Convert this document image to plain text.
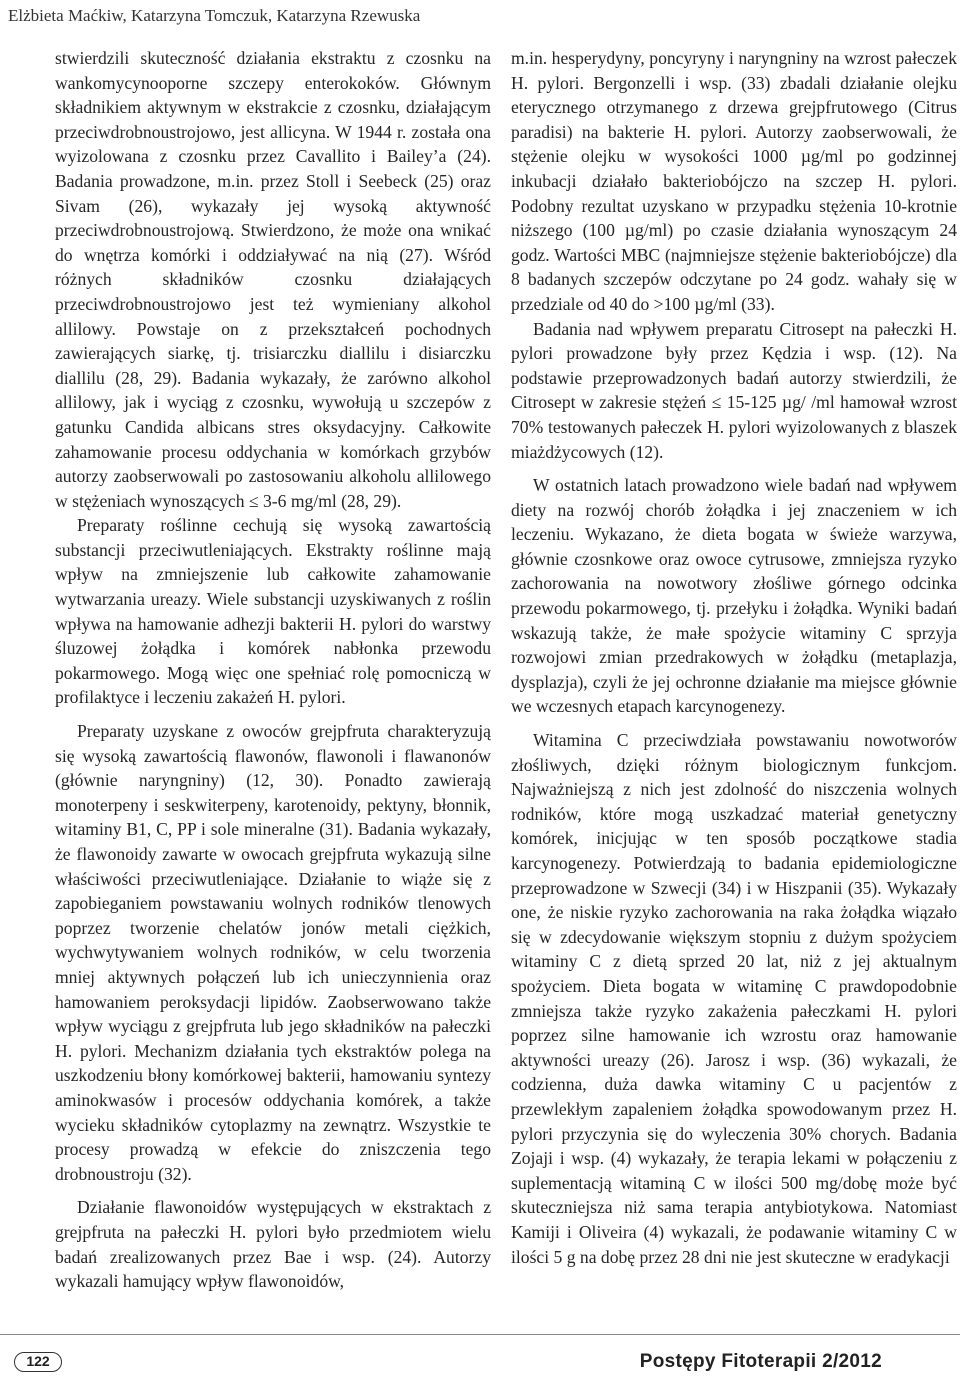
Elżbieta Maćkiw, Katarzyna Tomczuk, Katarzyna Rzewuska

stwierdzili skuteczność działania ekstraktu z czosnku na wankomycynooporne szczepy enterokoków. Głównym składnikiem aktywnym w ekstrakcie z czosnku, działającym przeciwdrobnoustrojowo, jest allicyna. W 1944 r. została ona wyizolowana z czosnku przez Cavallito i Bailey’a (24). Badania prowadzone, m.in. przez Stoll i Seebeck (25) oraz Sivam (26), wykazały jej wysoką aktywność przeciwdrobnoustrojową. Stwierdzono, że może ona wnikać do wnętrza komórki i oddziaływać na nią (27). Wśród różnych składników czosnku działających przeciwdrobnoustrojowo jest też wymieniany alkohol allilowy. Powstaje on z przekształceń pochodnych zawierających siarkę, tj. trisiarczku diallilu i disiarczku diallilu (28, 29). Badania wykazały, że zarówno alkohol allilowy, jak i wyciąg z czosnku, wywołują u szczepów z gatunku Candida albicans stres oksydacyjny. Całkowite zahamowanie procesu oddychania w komórkach grzybów autorzy zaobserwowali po zastosowaniu alkoholu allilowego w stężeniach wynoszących ≤ 3-6 mg/ml (28, 29).

Preparaty roślinne cechują się wysoką zawartością substancji przeciwutleniających. Ekstrakty roślinne mają wpływ na zmniejszenie lub całkowite zahamowanie wytwarzania ureazy. Wiele substancji uzyskiwanych z roślin wpływa na hamowanie adhezji bakterii H. pylori do warstwy śluzowej żołądka i komórek nabłonka przewodu pokarmowego. Mogą więc one spełniać rolę pomocniczą w profilaktyce i leczeniu zakażeń H. pylori.

Preparaty uzyskane z owoców grejpfruta charakteryzują się wysoką zawartością flawonów, flawonoli i flawanonów (głównie naryngniny) (12, 30). Ponadto zawierają monoterpeny i seskwiterpeny, karotenoidy, pektyny, błonnik, witaminy B1, C, PP i sole mineralne (31). Badania wykazały, że flawonoidy zawarte w owocach grejpfruta wykazują silne właściwości przeciwutleniające. Działanie to wiąże się z zapobieganiem powstawaniu wolnych rodników tlenowych poprzez tworzenie chelatów jonów metali ciężkich, wychwytywaniem wolnych rodników, w celu tworzenia mniej aktywnych połączeń lub ich unieczynnienia oraz hamowaniem peroksydacji lipidów. Zaobserwowano także wpływ wyciągu z grejpfruta lub jego składników na pałeczki H. pylori. Mechanizm działania tych ekstraktów polega na uszkodzeniu błony komórkowej bakterii, hamowaniu syntezy aminokwasów i procesów oddychania komórek, a także wycieku składników cytoplazmy na zewnątrz. Wszystkie te procesy prowadzą w efekcie do zniszczenia tego drobnoustroju (32).

Działanie flawonoidów występujących w ekstraktach z grejpfruta na pałeczki H. pylori było przedmiotem wielu badań zrealizowanych przez Bae i wsp. (24). Autorzy wykazali hamujący wpływ flawonoidów,

m.in. hesperydyny, poncyryny i naryngniny na wzrost pałeczek H. pylori. Bergonzelli i wsp. (33) zbadali działanie olejku eterycznego otrzymanego z drzewa grejpfrutowego (Citrus paradisi) na bakterie H. pylori. Autorzy zaobserwowali, że stężenie olejku w wysokości 1000 µg/ml po godzinnej inkubacji działało bakteriobójczo na szczep H. pylori. Podobny rezultat uzyskano w przypadku stężenia 10-krotnie niższego (100 µg/ml) po czasie działania wynoszącym 24 godz. Wartości MBC (najmniejsze stężenie bakteriobójcze) dla 8 badanych szczepów odczytane po 24 godz. wahały się w przedziale od 40 do >100 µg/ml (33).

Badania nad wpływem preparatu Citrosept na pałeczki H. pylori prowadzone były przez Kędzia i wsp. (12). Na podstawie przeprowadzonych badań autorzy stwierdzili, że Citrosept w zakresie stężeń ≤ 15-125 µg/ /ml hamował wzrost 70% testowanych pałeczek H. pylori wyizolowanych z blaszek miażdżycowych (12).

W ostatnich latach prowadzono wiele badań nad wpływem diety na rozwój chorób żołądka i jej znaczeniem w ich leczeniu. Wykazano, że dieta bogata w świeże warzywa, głównie czosnkowe oraz owoce cytrusowe, zmniejsza ryzyko zachorowania na nowotwory złośliwe górnego odcinka przewodu pokarmowego, tj. przełyku i żołądka. Wyniki badań wskazują także, że małe spożycie witaminy C sprzyja rozwojowi zmian przedrakowych w żołądku (metaplazja, dysplazja), czyli że jej ochronne działanie ma miejsce głównie we wczesnych etapach karcynogenezy.

Witamina C przeciwdziała powstawaniu nowotworów złośliwych, dzięki różnym biologicznym funkcjom. Najważniejszą z nich jest zdolność do niszczenia wolnych rodników, które mogą uszkadzać materiał genetyczny komórek, inicjując w ten sposób początkowe stadia karcynogenezy. Potwierdzają to badania epidemiologiczne przeprowadzone w Szwecji (34) i w Hiszpanii (35). Wykazały one, że niskie ryzyko zachorowania na raka żołądka wiązało się w zdecydowanie większym stopniu z dużym spożyciem witaminy C z dietą sprzed 20 lat, niż z jej aktualnym spożyciem. Dieta bogata w witaminę C prawdopodobnie zmniejsza także ryzyko zakażenia pałeczkami H. pylori poprzez silne hamowanie ich wzrostu oraz hamowanie aktywności ureazy (26). Jarosz i wsp. (36) wykazali, że codzienna, duża dawka witaminy C u pacjentów z przewlekłym zapaleniem żołądka spowodowanym przez H. pylori przyczynia się do wyleczenia 30% chorych. Badania Zojaji i wsp. (4) wykazały, że terapia lekami w połączeniu z suplementacją witaminą C w ilości 500 mg/dobę może być skuteczniejsza niż sama terapia antybiotykowa. Natomiast Kamiji i Oliveira (4) wykazali, że podawanie witaminy C w ilości 5 g na dobę przez 28 dni nie jest skuteczne w eradykacji

122	Postępy Fitoterapii 2/2012
